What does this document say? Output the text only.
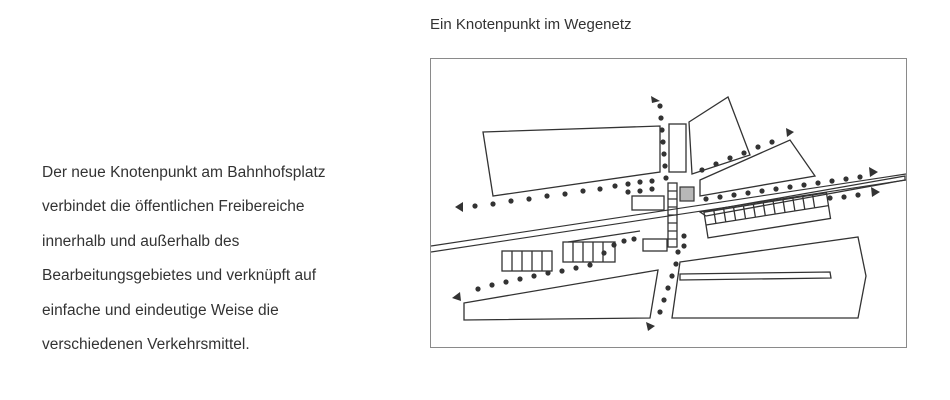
Ein Knotenpunkt im Wegenetz
Der neue Knotenpunkt am Bahnhofsplatz
verbindet die öffentlichen Freibereiche
innerhalb und außerhalb des
Bearbeitungsgebietes und verknüpft auf
einfache und eindeutige Weise die
verschiedenen Verkehrsmittel.
